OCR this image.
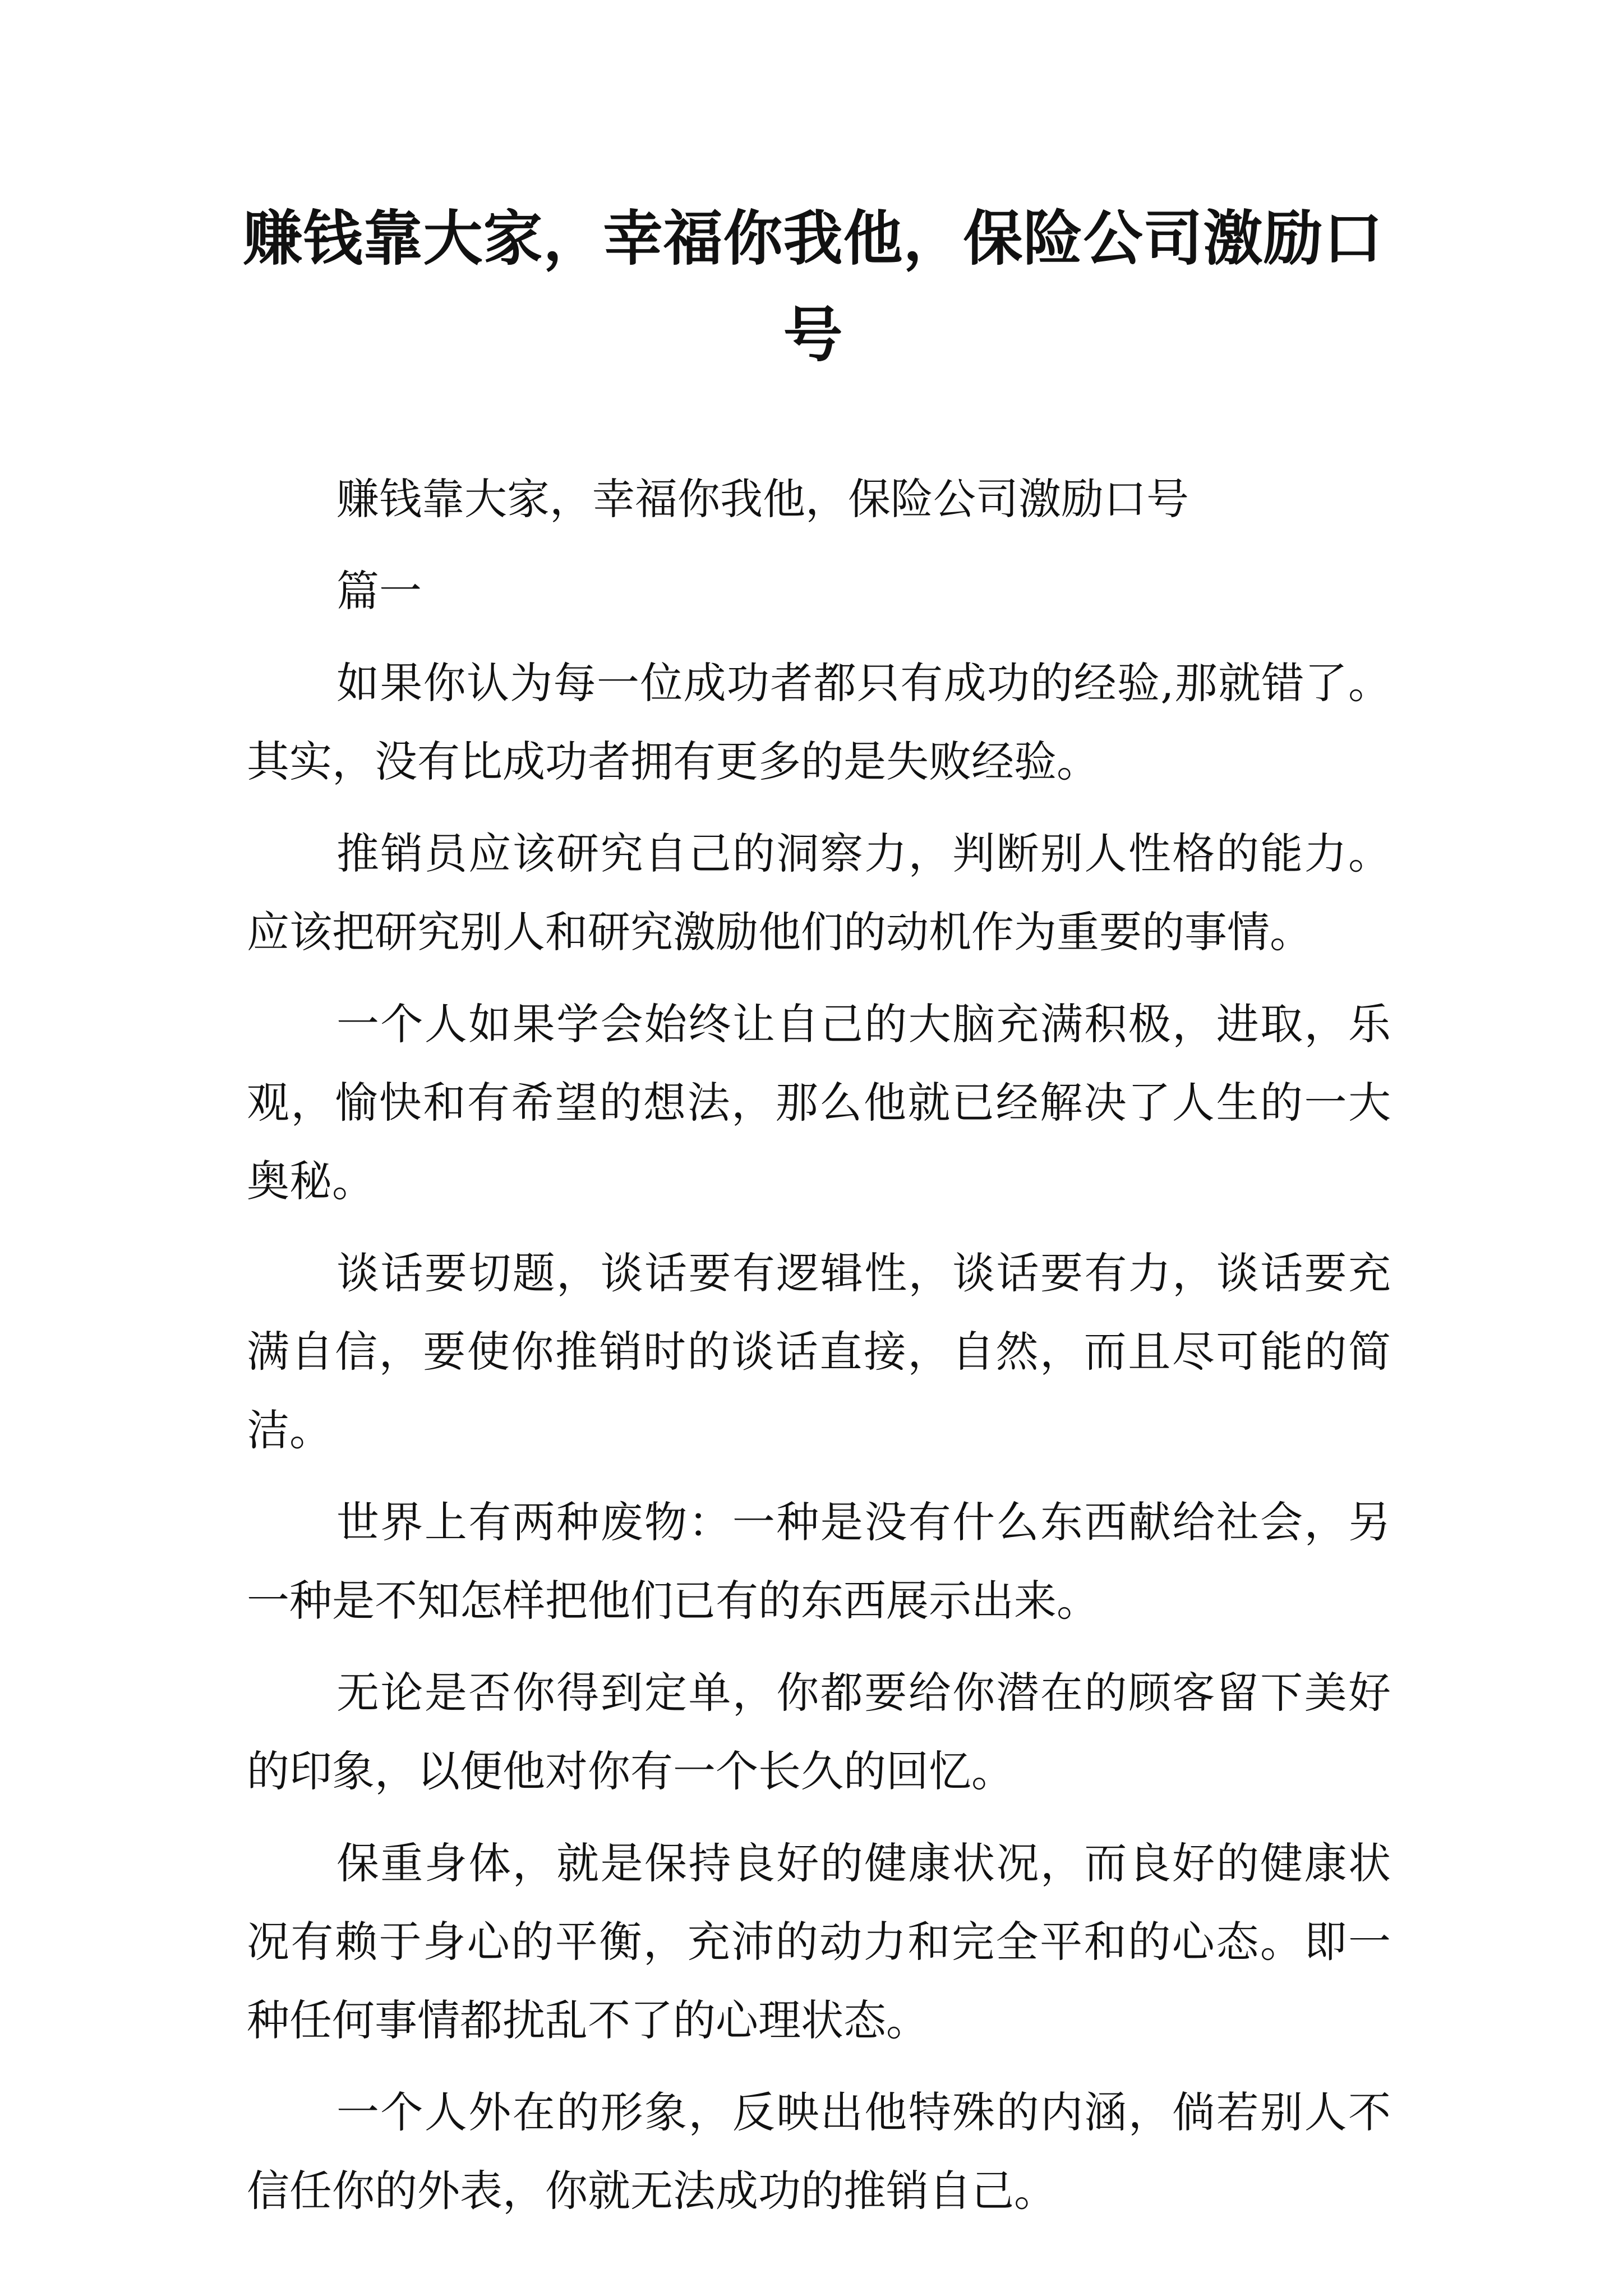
赚钱靠大家，幸福你我他，保险公司激励口号

赚钱靠大家，幸福你我他，保险公司激励口号

篇一

如果你认为每一位成功者都只有成功的经验,那就错了。其实，没有比成功者拥有更多的是失败经验。

推销员应该研究自己的洞察力，判断别人性格的能力。应该把研究别人和研究激励他们的动机作为重要的事情。

一个人如果学会始终让自己的大脑充满积极，进取，乐观，愉快和有希望的想法，那么他就已经解决了人生的一大奥秘。

谈话要切题，谈话要有逻辑性，谈话要有力，谈话要充满自信，要使你推销时的谈话直接，自然，而且尽可能的简洁。

世界上有两种废物：一种是没有什么东西献给社会，另一种是不知怎样把他们已有的东西展示出来。

无论是否你得到定单，你都要给你潜在的顾客留下美好的印象，以便他对你有一个长久的回忆。

保重身体，就是保持良好的健康状况，而良好的健康状况有赖于身心的平衡，充沛的动力和完全平和的心态。即一种任何事情都扰乱不了的心理状态。

一个人外在的形象，反映出他特殊的内涵，倘若别人不信任你的外表，你就无法成功的推销自己。
